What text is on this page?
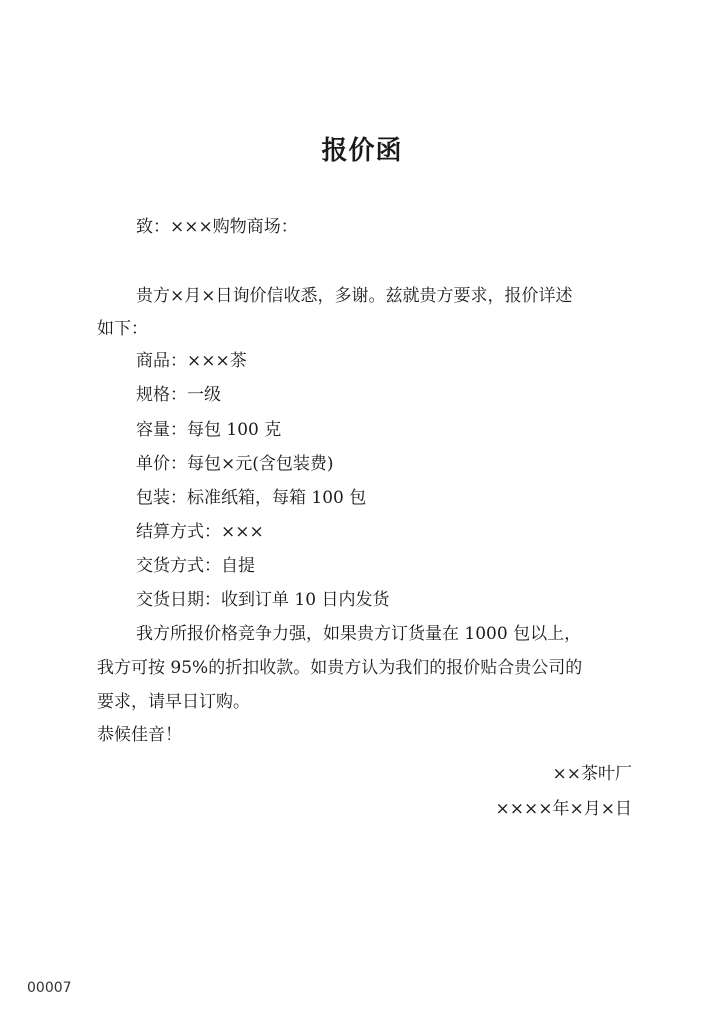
报价函
致：×××购物商场：
贵方×月×日询价信收悉，多谢。兹就贵方要求，报价详述
如下：
商品：×××茶
规格：一级
容量：每包 100 克
单价：每包×元(含包装费)
包装：标准纸箱，每箱 100 包
结算方式：×××
交货方式：自提
交货日期：收到订单 10 日内发货
我方所报价格竞争力强，如果贵方订货量在 1000 包以上，
我方可按 95%的折扣收款。如贵方认为我们的报价贴合贵公司的
要求，请早日订购。
恭候佳音！
××茶叶厂
××××年×月×日
00007
